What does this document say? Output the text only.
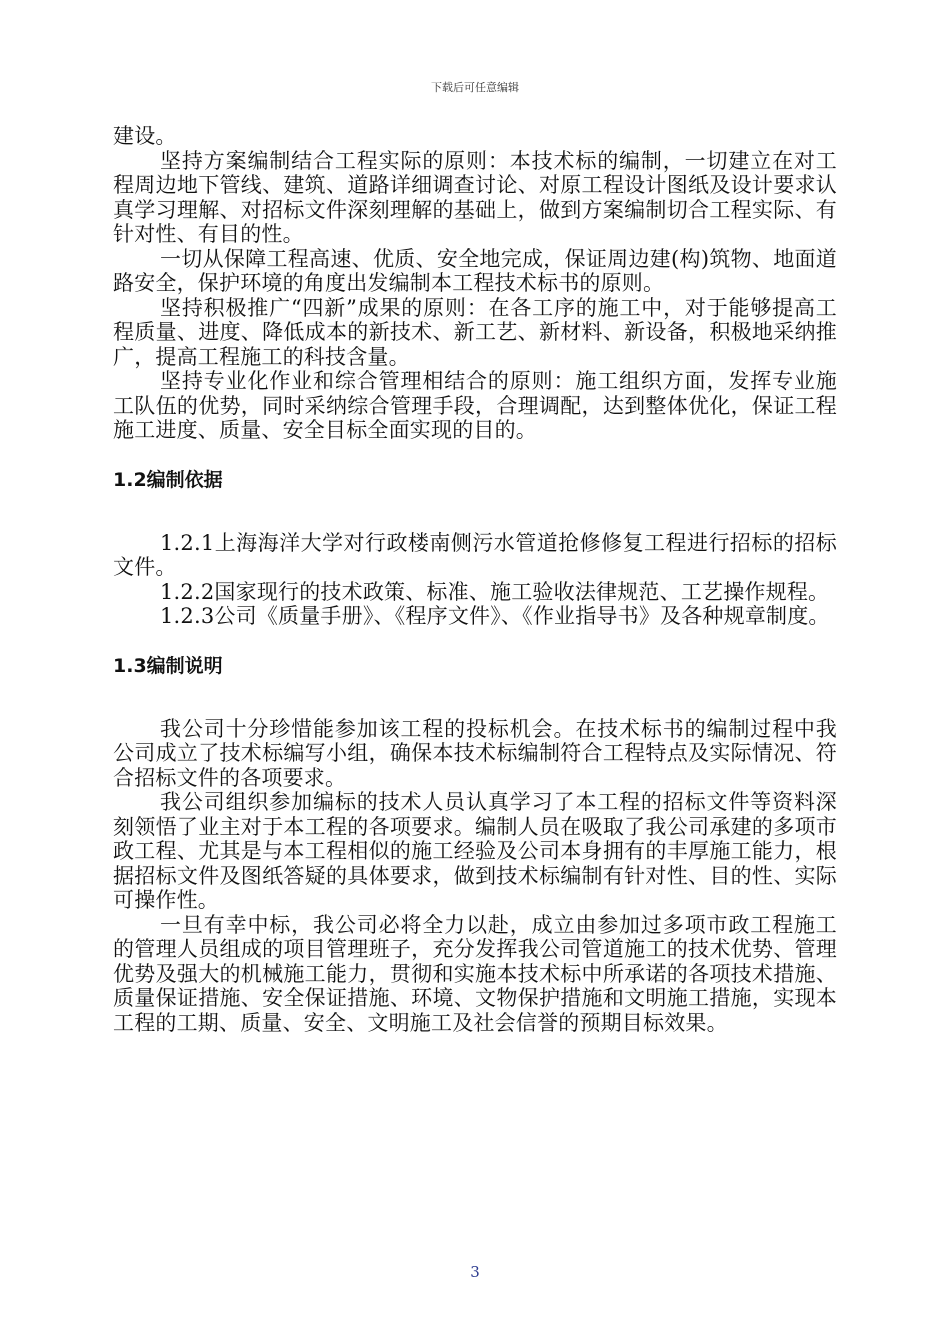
下载后可任意编辑

建设。

坚持方案编制结合工程实际的原则：本技术标的编制，一切建立在对工程周边地下管线、建筑、道路详细调查讨论、对原工程设计图纸及设计要求认真学习理解、对招标文件深刻理解的基础上，做到方案编制切合工程实际、有针对性、有目的性。

一切从保障工程高速、优质、安全地完成，保证周边建(构)筑物、地面道路安全，保护环境的角度出发编制本工程技术标书的原则。

坚持积极推广“四新”成果的原则：在各工序的施工中，对于能够提高工程质量、进度、降低成本的新技术、新工艺、新材料、新设备，积极地采纳推广，提高工程施工的科技含量。

坚持专业化作业和综合管理相结合的原则：施工组织方面，发挥专业施工队伍的优势，同时采纳综合管理手段，合理调配，达到整体优化，保证工程施工进度、质量、安全目标全面实现的目的。

1.2编制依据

1.2.1上海海洋大学对行政楼南侧污水管道抢修修复工程进行招标的招标文件。

1.2.2国家现行的技术政策、标准、施工验收法律规范、工艺操作规程。

1.2.3公司《质量手册》、《程序文件》、《作业指导书》及各种规章制度。

1.3编制说明

我公司十分珍惜能参加该工程的投标机会。在技术标书的编制过程中我公司成立了技术标编写小组，确保本技术标编制符合工程特点及实际情况、符合招标文件的各项要求。

我公司组织参加编标的技术人员认真学习了本工程的招标文件等资料深刻领悟了业主对于本工程的各项要求。编制人员在吸取了我公司承建的多项市政工程、尤其是与本工程相似的施工经验及公司本身拥有的丰厚施工能力，根据招标文件及图纸答疑的具体要求，做到技术标编制有针对性、目的性、实际可操作性。

一旦有幸中标，我公司必将全力以赴，成立由参加过多项市政工程施工的管理人员组成的项目管理班子，充分发挥我公司管道施工的技术优势、管理优势及强大的机械施工能力，贯彻和实施本技术标中所承诺的各项技术措施、质量保证措施、安全保证措施、环境、文物保护措施和文明施工措施，实现本工程的工期、质量、安全、文明施工及社会信誉的预期目标效果。

3
